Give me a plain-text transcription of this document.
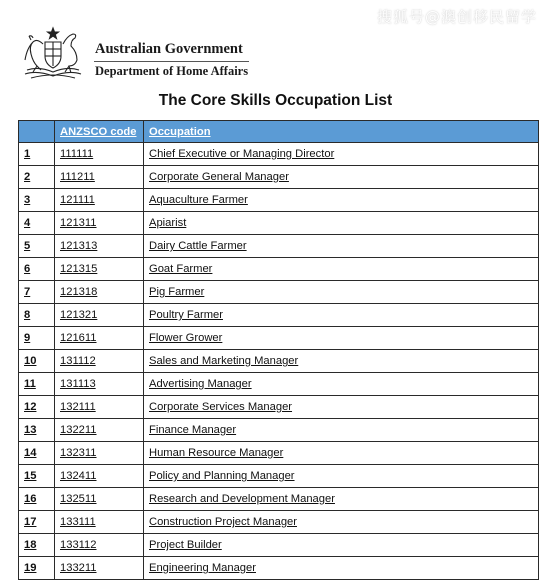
搜狐号@澳创移民留学
Australian Government
Department of Home Affairs
The Core Skills Occupation List
	ANZSCO code	Occupation
1	111111	Chief Executive or Managing Director
2	111211	Corporate General Manager
3	121111	Aquaculture Farmer
4	121311	Apiarist
5	121313	Dairy Cattle Farmer
6	121315	Goat Farmer
7	121318	Pig Farmer
8	121321	Poultry Farmer
9	121611	Flower Grower
10	131112	Sales and Marketing Manager
11	131113	Advertising Manager
12	132111	Corporate Services Manager
13	132211	Finance Manager
14	132311	Human Resource Manager
15	132411	Policy and Planning Manager
16	132511	Research and Development Manager
17	133111	Construction Project Manager
18	133112	Project Builder
19	133211	Engineering Manager
